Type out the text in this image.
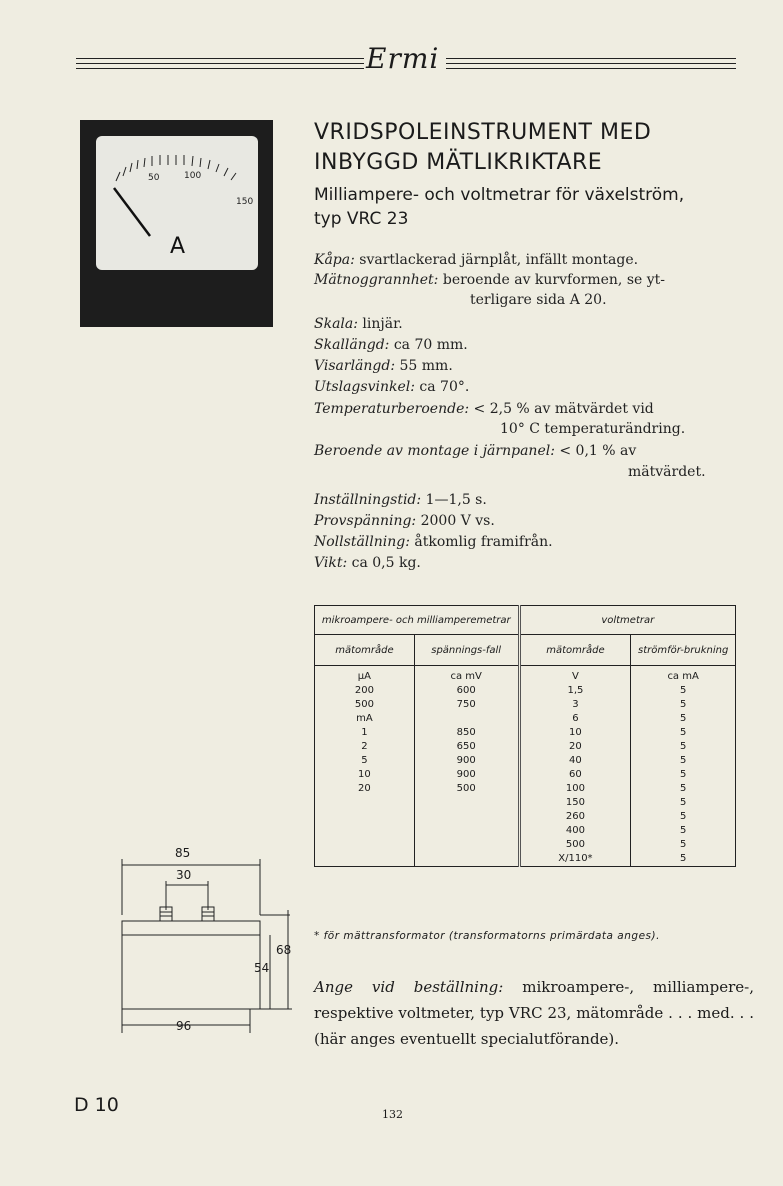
Ermi
50	100
150
A
VRIDSPOLEINSTRUMENT MED
INBYGGD MÄTLIKRIKTARE
Milliampere- och voltmetrar för växelström,
typ VRC 23
Kåpa: svartlackerad järnplåt, infällt montage.
Mätnoggrannhet: beroende av kurvformen, se yt-
terligare sida A 20.
Skala: linjär.
Skallängd: ca 70 mm.
Visarlängd: 55 mm.
Utslagsvinkel: ca 70°.
Temperaturberoende: < 2,5 % av mätvärdet vid
10° C temperaturändring.
Beroende av montage i järnpanel: < 0,1 % av
mätvärdet.
Inställningstid: 1—1,5 s.
Provspänning: 2000 V vs.
Nollställning: åtkomlig framifrån.
Vikt: ca 0,5 kg.
mikroampere- och milliamperemetrar		voltmetrar	
mätområde	spännings-fall	mätområde	strömför-brukning
μA	ca mV	V	ca mA
200	600	1,5	5
500	750	3	5
mA		6	5
1	850	10	5
2	650	20	5
5	900	40	5
10	900	60	5
20	500	100	5
		150	5
		260	5
		400	5
		500	5
		X/110*	5
* för mättransformator (transformatorns primärdata anges).
Ange vid beställning: mikroampere-, milliampere-, respektive voltmeter, typ VRC 23, mätområde . . . med. . . (här anges eventuellt specialutförande).
85
30
68
54
96
D 10	132
